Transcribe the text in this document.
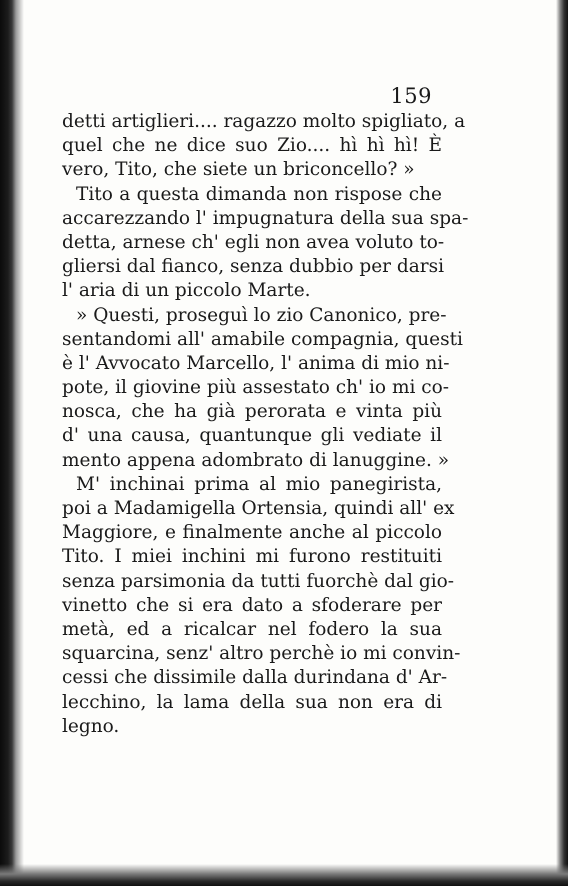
159
detti artiglieri.... ragazzo molto spigliato, a
quel che ne dice suo Zio.... hì hì hì! È
vero, Tito, che siete un briconcello? »
Tito a questa dimanda non rispose che
accarezzando l' impugnatura della sua spa-
detta, arnese ch' egli non avea voluto to-
gliersi dal fianco, senza dubbio per darsi
l' aria di un piccolo Marte.
» Questi, proseguì lo zio Canonico, pre-
sentandomi all' amabile compagnia, questi
è l' Avvocato Marcello, l' anima di mio ni-
pote, il giovine più assestato ch' io mi co-
nosca, che ha già perorata e vinta più
d' una causa, quantunque gli vediate il
mento appena adombrato di lanuggine. »
M' inchinai prima al mio panegirista,
poi a Madamigella Ortensia, quindi all' ex
Maggiore, e finalmente anche al piccolo
Tito. I miei inchini mi furono restituiti
senza parsimonia da tutti fuorchè dal gio-
vinetto che si era dato a sfoderare per
metà, ed a ricalcar nel fodero la sua
squarcina, senz' altro perchè io mi convin-
cessi che dissimile dalla durindana d' Ar-
lecchino, la lama della sua non era di
legno.
